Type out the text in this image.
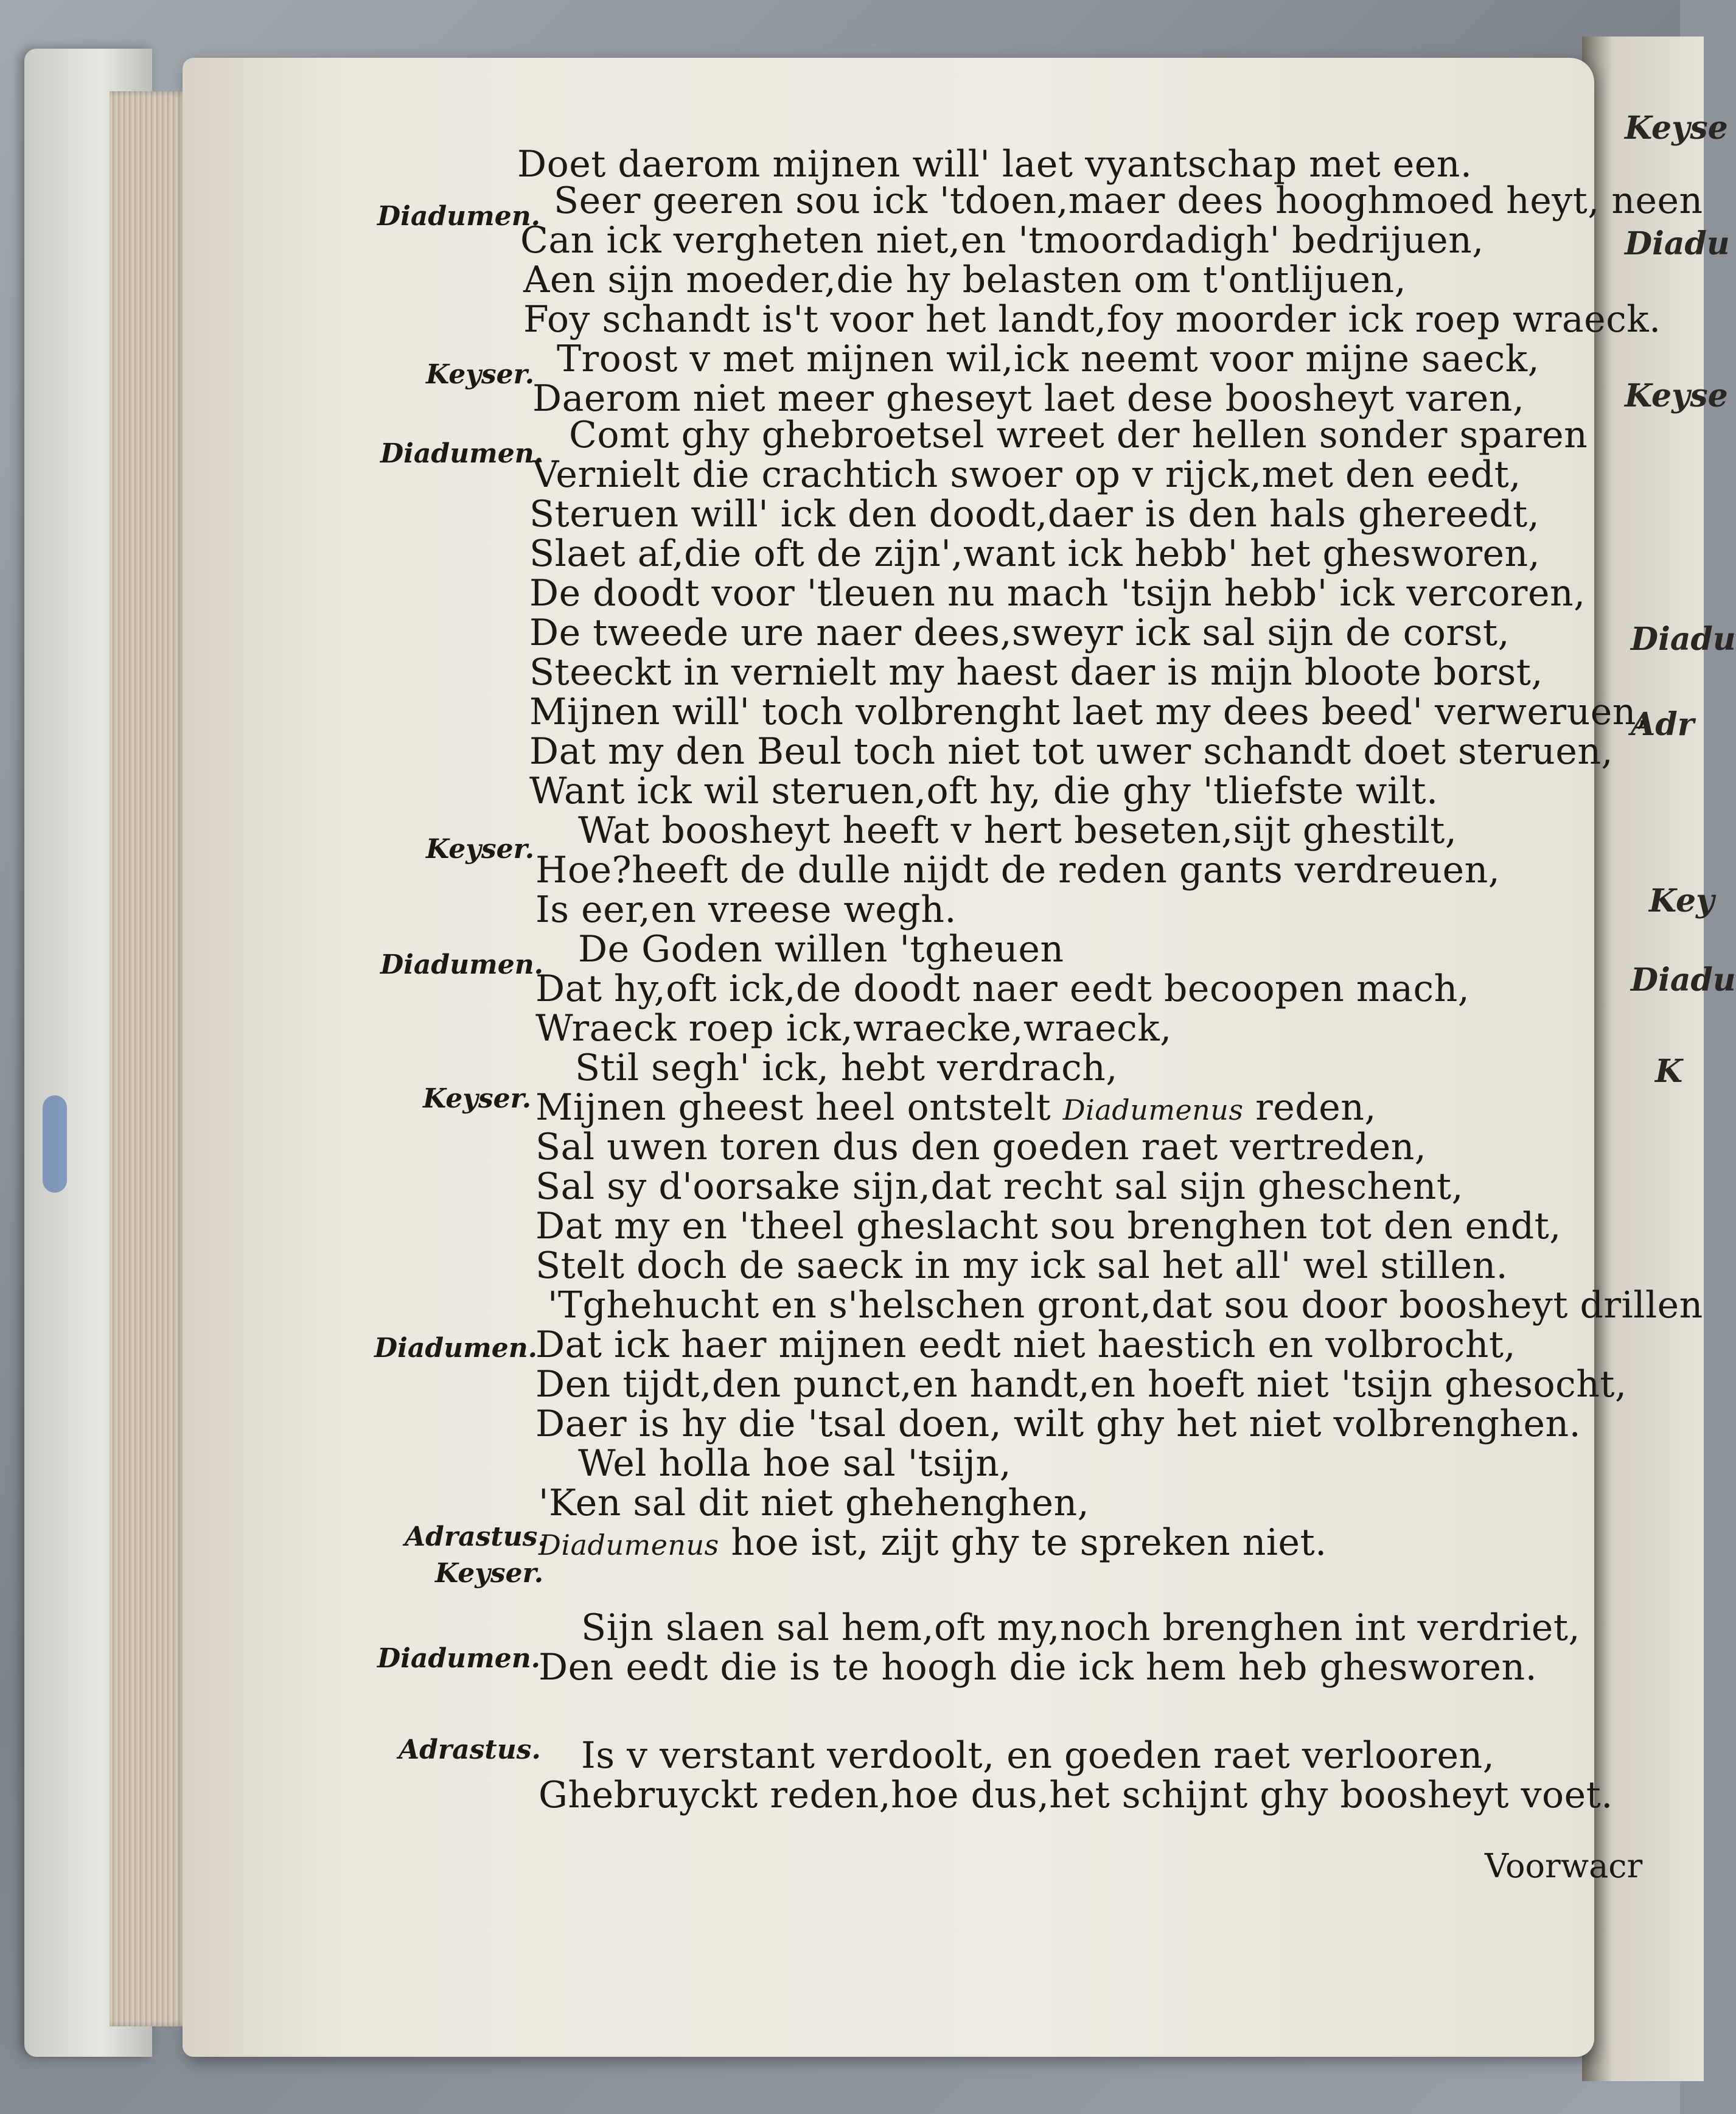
Keyse
Diadu
Keyse
Diadu
Adr
Key
Diadu
K
Diadumen.
Keyser.
Diadumen.
Keyser.
Diadumen.
Keyser.
Diadumen.
Adrastus.
Keyser.
Diadumen.
Adrastus.
Doet daerom mijnen will' laet vyantschap met een.
Seer geeren sou ick 'tdoen,maer dees hooghmoed heyt, neen
Can ick vergheten niet,en 'tmoordadigh' bedrijuen,
Aen sijn moeder,die hy belasten om t'ontlijuen,
Foy schandt is't voor het landt,foy moorder ick roep wraeck.
Troost v met mijnen wil,ick neemt voor mijne saeck,
Daerom niet meer gheseyt laet dese boosheyt varen,
Comt ghy ghebroetsel wreet der hellen sonder sparen
Vernielt die crachtich swoer op v rijck,met den eedt,
Steruen will' ick den doodt,daer is den hals ghereedt,
Slaet af,die oft de zijn',want ick hebb' het ghesworen,
De doodt voor 'tleuen nu mach 'tsijn hebb' ick vercoren,
De tweede ure naer dees,sweyr ick sal sijn de corst,
Steeckt in vernielt my haest daer is mijn bloote borst,
Mijnen will' toch volbrenght laet my dees beed' verweruen,
Dat my den Beul toch niet tot uwer schandt doet steruen,
Want ick wil steruen,oft hy, die ghy 'tliefste wilt.
Wat boosheyt heeft v hert beseten,sijt ghestilt,
Hoe?heeft de dulle nijdt de reden gants verdreuen,
Is eer,en vreese wegh.
De Goden willen 'tgheuen
Dat hy,oft ick,de doodt naer eedt becoopen mach,
Wraeck roep ick,wraecke,wraeck,
Stil segh' ick, hebt verdrach,
Mijnen gheest heel ontstelt Diadumenus reden,
Sal uwen toren dus den goeden raet vertreden,
Sal sy d'oorsake sijn,dat recht sal sijn gheschent,
Dat my en 'theel gheslacht sou brenghen tot den endt,
Stelt doch de saeck in my ick sal het all' wel stillen.
'Tghehucht en s'helschen gront,dat sou door boosheyt drillen
Dat ick haer mijnen eedt niet haestich en volbrocht,
Den tijdt,den punct,en handt,en hoeft niet 'tsijn ghesocht,
Daer is hy die 'tsal doen, wilt ghy het niet volbrenghen.
Wel holla hoe sal 'tsijn,
'Ken sal dit niet ghehenghen,
Diadumenus hoe ist, zijt ghy te spreken niet.
Sijn slaen sal hem,oft my,noch brenghen int verdriet,
Den eedt die is te hoogh die ick hem heb ghesworen.
Is v verstant verdoolt, en goeden raet verlooren,
Ghebruyckt reden,hoe dus,het schijnt ghy boosheyt voet.
Voorwacr
